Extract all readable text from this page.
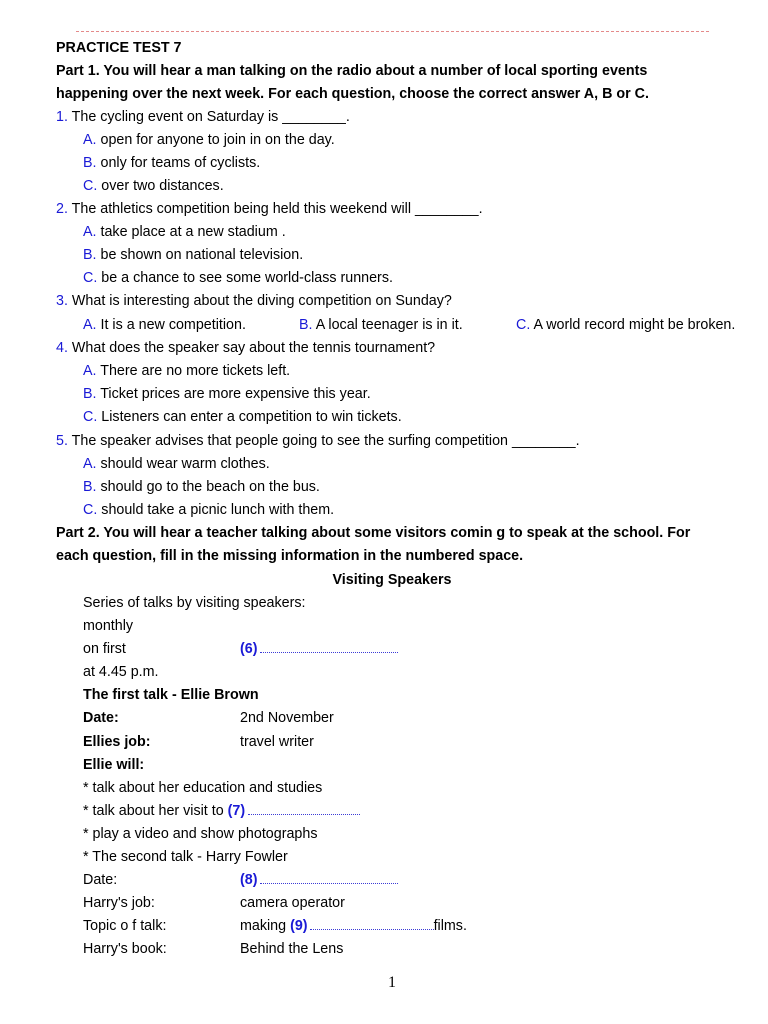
PRACTICE TEST 7
Part 1. You will hear a man talking on the radio about a number of local sporting events
happening over the next week. For each question, choose the correct answer A, B or C.
1. The cycling event on Saturday is ________.
A. open for anyone to join in on the day.
B. only for teams of cyclists.
C. over two distances.
2. The athletics competition being held this weekend will ________.
A. take place at a new stadium .
B. be shown on national television.
C. be a chance to see some world-class runners.
3. What is interesting about the diving competition on Sunday?
A. It is a new competition.	B. A local teenager is in it.	C. A world record might be broken.
4. What does the speaker say about the tennis tournament?
A. There are no more tickets left.
B. Ticket prices are more expensive this year.
C. Listeners can enter a competition to win tickets.
5. The speaker advises that people going to see the surfing competition ________.
A. should wear warm clothes.
B. should go to the beach on the bus.
C. should take a picnic lunch with them.
Part 2. You will hear a teacher talking about some visitors comin g to speak at the school. For
each question, fill in the missing information in the numbered space.
Visiting Speakers
Series of talks by visiting speakers:
monthly
on first	(6)
at 4.45 p.m.
The first talk - Ellie Brown
Date:	2nd November
Ellies job:	travel writer
Ellie will:
* talk about her education and studies
* talk about her visit to (7)
* play a video and show photographs
* The second talk - Harry Fowler
Date:	(8)
Harry's job:	camera operator
Topic o f talk:	making (9)	films.
Harry's book:	Behind the Lens
1
